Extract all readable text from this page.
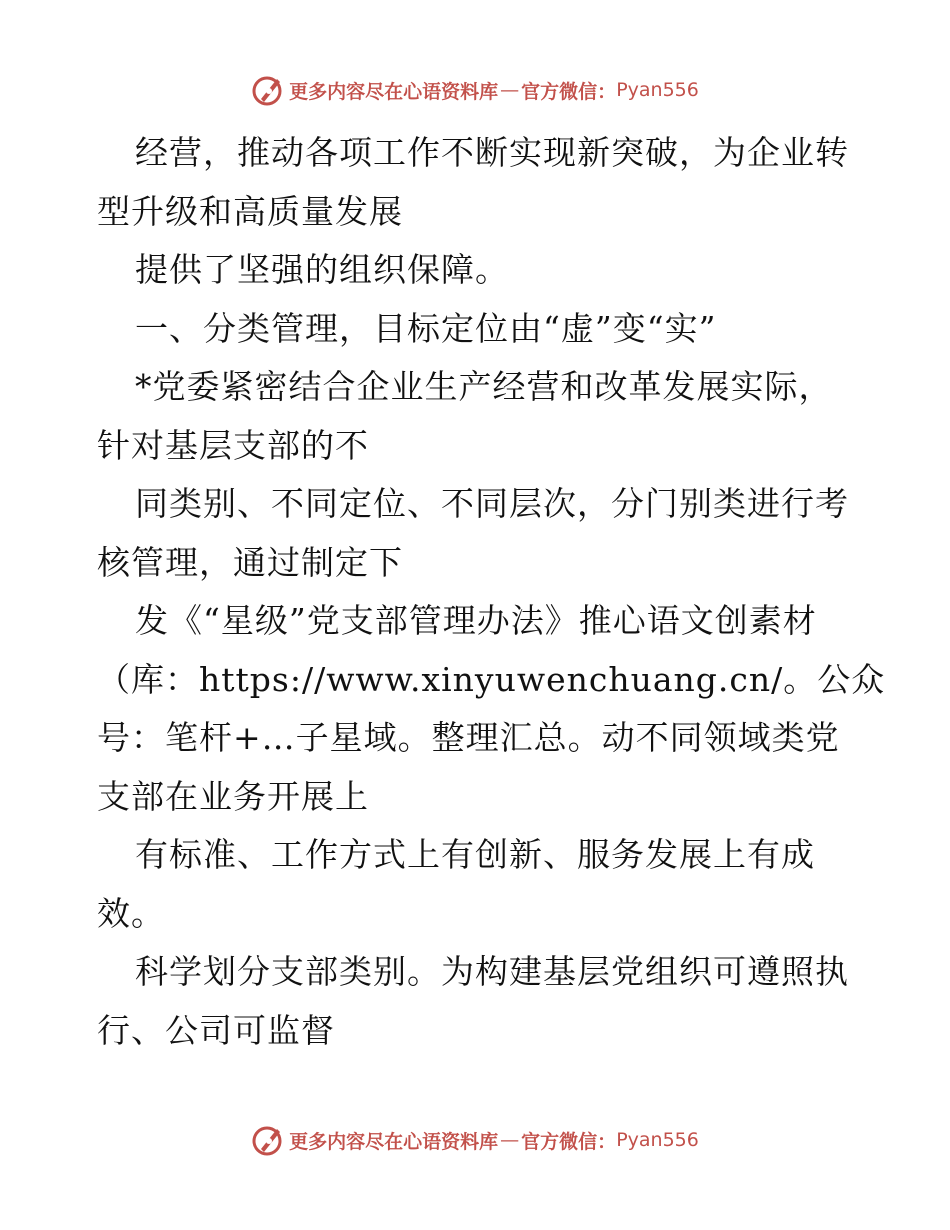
更多内容尽在心语资料库 — 官方微信： Pyan556
经营，推动各项工作不断实现新突破，为企业转
型升级和高质量发展
提供了坚强的组织保障。
一、分类管理，目标定位由“虚”变“实”
*党委紧密结合企业生产经营和改革发展实际，
针对基层支部的不
同类别、不同定位、不同层次，分门别类进行考
核管理，通过制定下
发《“星级”党支部管理办法》推心语文创素材
（库：https://www.xinyuwenchuang.cn/。公众
号：笔杆+…子星域。整理汇总。动不同领域类党
支部在业务开展上
有标准、工作方式上有创新、服务发展上有成
效。
科学划分支部类别。为构建基层党组织可遵照执
行、公司可监督
更多内容尽在心语资料库 — 官方微信： Pyan556
